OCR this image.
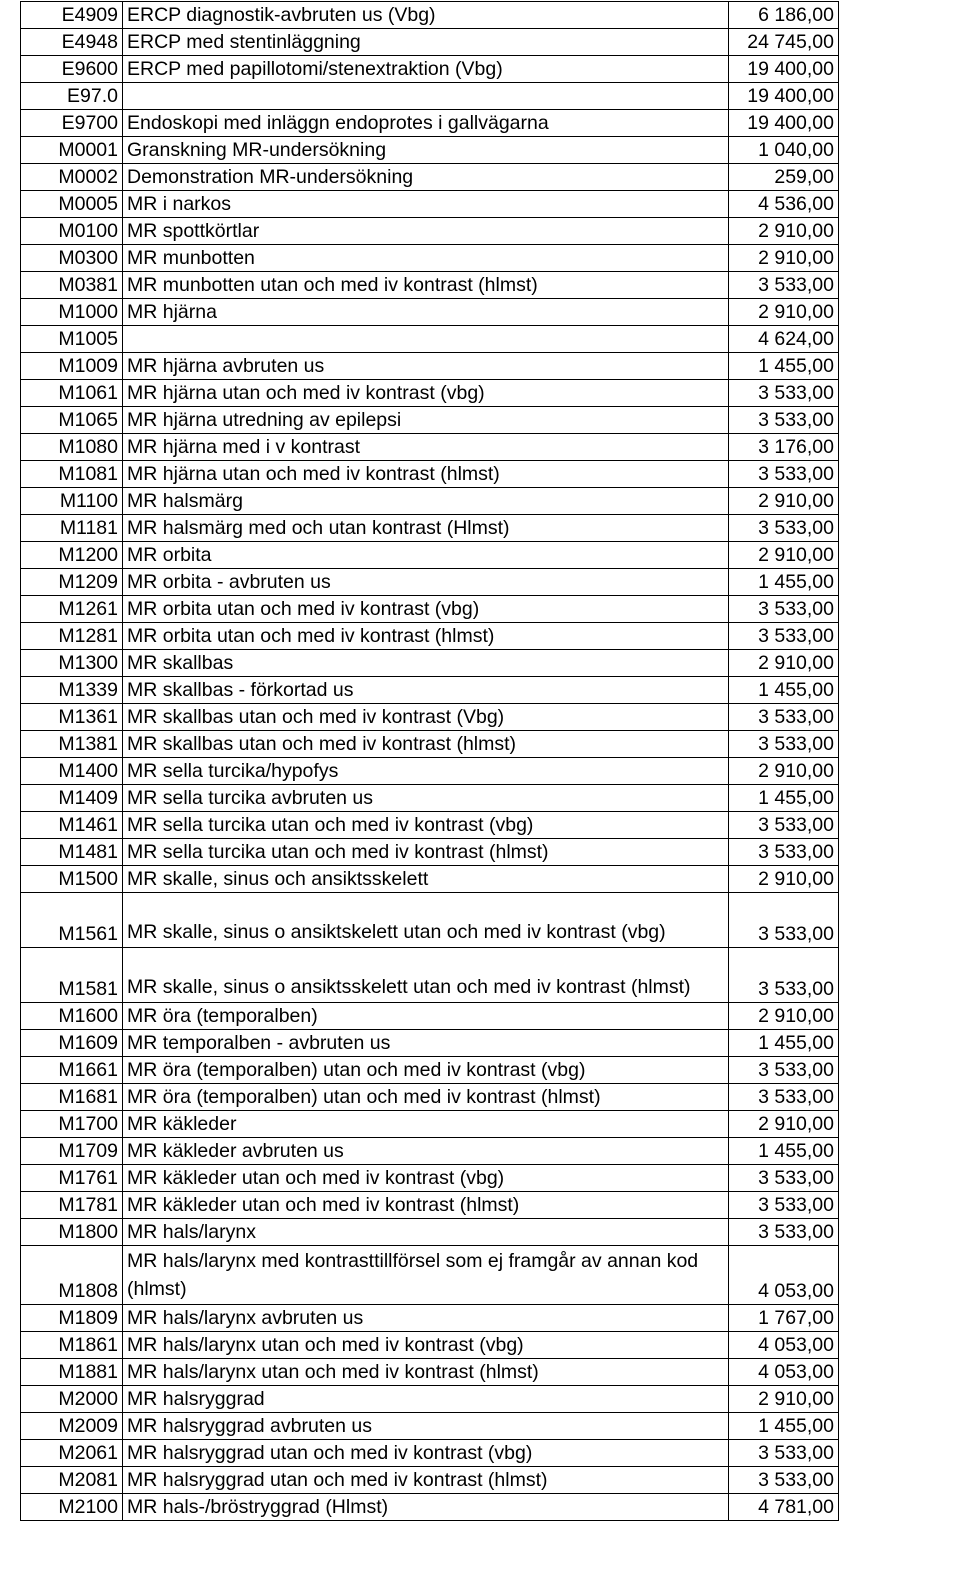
E4909	ERCP diagnostik-avbruten us (Vbg)	6 186,00
E4948	ERCP med stentinläggning	24 745,00
E9600	ERCP med papillotomi/stenextraktion (Vbg)	19 400,00
E97.0		19 400,00
E9700	Endoskopi med inläggn endoprotes i gallvägarna	19 400,00
M0001	Granskning MR-undersökning	1 040,00
M0002	Demonstration MR-undersökning	259,00
M0005	MR i narkos	4 536,00
M0100	MR spottkörtlar	2 910,00
M0300	MR munbotten	2 910,00
M0381	MR munbotten utan och med iv kontrast (hlmst)	3 533,00
M1000	MR hjärna	2 910,00
M1005		4 624,00
M1009	MR hjärna avbruten us	1 455,00
M1061	MR hjärna utan och med iv kontrast (vbg)	3 533,00
M1065	MR hjärna utredning av epilepsi	3 533,00
M1080	MR hjärna med i v kontrast	3 176,00
M1081	MR hjärna utan och med iv kontrast (hlmst)	3 533,00
M1100	MR halsmärg	2 910,00
M1181	MR halsmärg med och utan kontrast (Hlmst)	3 533,00
M1200	MR orbita	2 910,00
M1209	MR orbita - avbruten us	1 455,00
M1261	MR orbita utan och med iv kontrast (vbg)	3 533,00
M1281	MR orbita utan och med iv kontrast (hlmst)	3 533,00
M1300	MR skallbas	2 910,00
M1339	MR skallbas - förkortad us	1 455,00
M1361	MR skallbas utan och med iv kontrast (Vbg)	3 533,00
M1381	MR skallbas utan och med iv kontrast (hlmst)	3 533,00
M1400	MR sella turcika/hypofys	2 910,00
M1409	MR sella turcika avbruten us	1 455,00
M1461	MR sella turcika utan och med iv kontrast (vbg)	3 533,00
M1481	MR sella turcika utan och med iv kontrast (hlmst)	3 533,00
M1500	MR skalle, sinus och ansiktsskelett	2 910,00
M1561	MR skalle, sinus o ansiktskelett utan och med iv kontrast (vbg)	3 533,00
M1581	MR skalle, sinus o ansiktsskelett utan och med iv kontrast (hlmst)	3 533,00
M1600	MR öra (temporalben)	2 910,00
M1609	MR temporalben - avbruten us	1 455,00
M1661	MR öra (temporalben) utan och med iv kontrast (vbg)	3 533,00
M1681	MR öra (temporalben) utan och med iv kontrast (hlmst)	3 533,00
M1700	MR käkleder	2 910,00
M1709	MR käkleder avbruten us	1 455,00
M1761	MR käkleder utan och med iv kontrast (vbg)	3 533,00
M1781	MR käkleder utan och med iv kontrast (hlmst)	3 533,00
M1800	MR hals/larynx	3 533,00
M1808	MR hals/larynx med kontrasttillförsel som ej framgår av annan kod (hlmst)	4 053,00
M1809	MR hals/larynx avbruten us	1 767,00
M1861	MR hals/larynx utan och med iv kontrast (vbg)	4 053,00
M1881	MR hals/larynx utan och med iv kontrast (hlmst)	4 053,00
M2000	MR halsryggrad	2 910,00
M2009	MR halsryggrad avbruten us	1 455,00
M2061	MR halsryggrad utan och med iv kontrast (vbg)	3 533,00
M2081	MR halsryggrad utan och med iv kontrast (hlmst)	3 533,00
M2100	MR hals-/bröstryggrad (Hlmst)	4 781,00
